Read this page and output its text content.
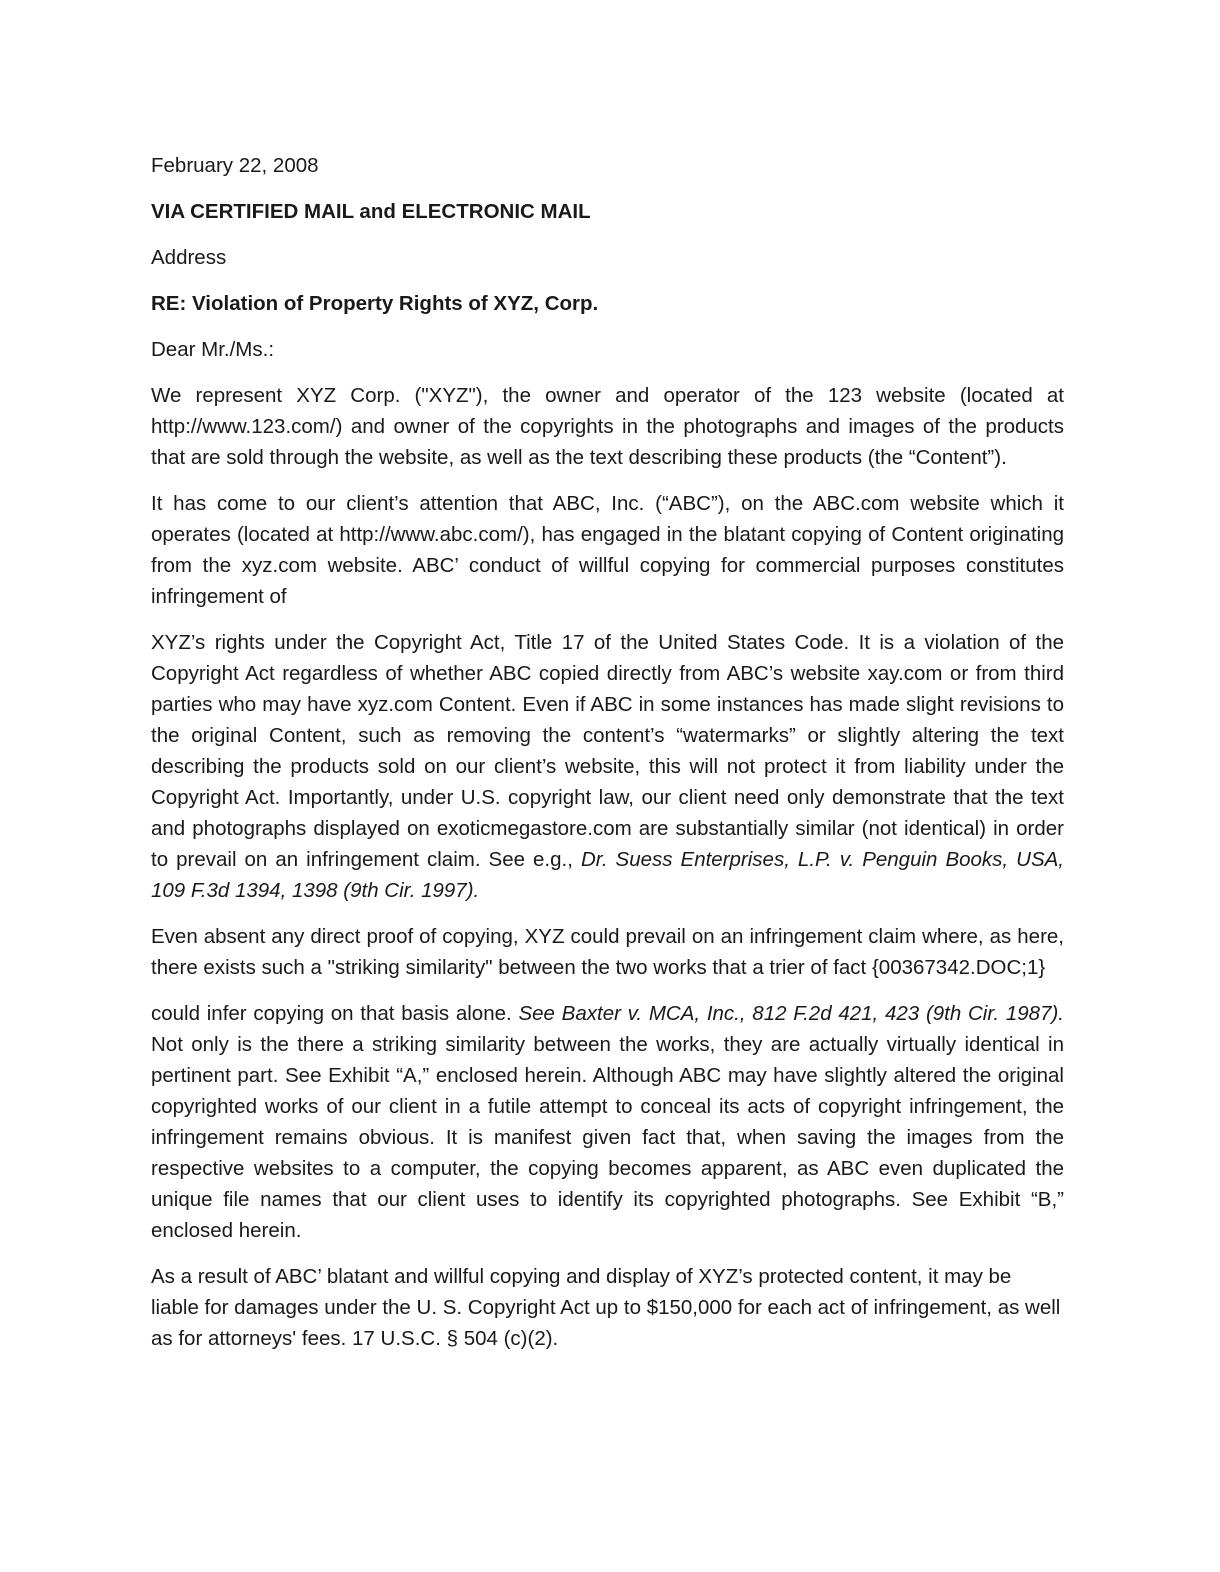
February 22, 2008

VIA CERTIFIED MAIL and ELECTRONIC MAIL

Address

RE: Violation of Property Rights of XYZ, Corp.

Dear Mr./Ms.:

We represent XYZ Corp. ("XYZ"), the owner and operator of the 123 website (located at http://www.123.com/) and owner of the copyrights in the photographs and images of the products that are sold through the website, as well as the text describing these products (the “Content”).

It has come to our client’s attention that ABC, Inc. (“ABC”), on the ABC.com website which it operates (located at http://www.abc.com/), has engaged in the blatant copying of Content originating from the xyz.com website. ABC’ conduct of willful copying for commercial purposes constitutes infringement of

XYZ’s rights under the Copyright Act, Title 17 of the United States Code. It is a violation of the Copyright Act regardless of whether ABC copied directly from ABC’s website xay.com or from third parties who may have xyz.com Content. Even if ABC in some instances has made slight revisions to the original Content, such as removing the content’s “watermarks” or slightly altering the text describing the products sold on our client’s website, this will not protect it from liability under the Copyright Act. Importantly, under U.S. copyright law, our client need only demonstrate that the text and photographs displayed on exoticmegastore.com are substantially similar (not identical) in order to prevail on an infringement claim. See e.g., Dr. Suess Enterprises, L.P. v. Penguin Books, USA, 109 F.3d 1394, 1398 (9th Cir. 1997).

Even absent any direct proof of copying, XYZ could prevail on an infringement claim where, as here, there exists such a "striking similarity" between the two works that a trier of fact {00367342.DOC;1}

could infer copying on that basis alone. See Baxter v. MCA, Inc., 812 F.2d 421, 423 (9th Cir. 1987). Not only is the there a striking similarity between the works, they are actually virtually identical in pertinent part. See Exhibit “A,” enclosed herein. Although ABC may have slightly altered the original copyrighted works of our client in a futile attempt to conceal its acts of copyright infringement, the infringement remains obvious. It is manifest given fact that, when saving the images from the respective websites to a computer, the copying becomes apparent, as ABC even duplicated the unique file names that our client uses to identify its copyrighted photographs. See Exhibit “B,” enclosed herein.

As a result of ABC’ blatant and willful copying and display of XYZ’s protected content, it may be liable for damages under the U. S. Copyright Act up to $150,000 for each act of infringement, as well as for attorneys' fees. 17 U.S.C. § 504 (c)(2).
